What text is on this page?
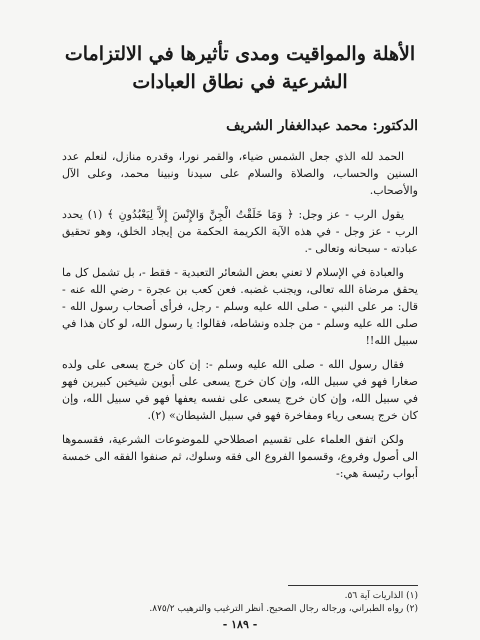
الأهلة والمواقيت ومدى تأثيرها في الالتزامات
الشرعية في نطاق العبادات
الدكتور: محمد عبدالغفار الشريف

الحمد لله الذي جعل الشمس ضياء، والقمر نورا، وقدره منازل، لنعلم عدد السنين والحساب، والصلاة والسلام على سيدنا ونبينا محمد، وعلى الآل والأصحاب.

يقول الرب - عز وجل: ﴿ وَمَا خَلَقْتُ الْجِنَّ وَالإِنْسَ إِلاَّ لِيَعْبُدُونِ ﴾ (١) يحدد الرب - عز وجل - في هذه الآية الكريمة الحكمة من إيجاد الخلق، وهو تحقيق عبادته - سبحانه وتعالى -.

والعبادة في الإسلام لا تعني بعض الشعائر التعبدية - فقط -، بل تشمل كل ما يحقق مرضاة الله تعالى، ويجنب غضبه. فعن كعب بن عجرة - رضي الله عنه - قال: مر على النبي - صلى الله عليه وسلم - رجل، فرأى أصحاب رسول الله - صلى الله عليه وسلم - من جلده ونشاطه، فقالوا: يا رسول الله، لو كان هذا في سبيل الله!!

فقال رسول الله - صلى الله عليه وسلم -: إن كان خرج يسعى على ولده صغارا فهو في سبيل الله، وإن كان خرج يسعى على أبوين شيخين كبيرين فهو في سبيل الله، وإن كان خرج يسعى على نفسه يعفها فهو في سبيل الله، وإن كان خرج يسعى رياء ومفاخرة فهو في سبيل الشيطان» (٢).

ولكن اتفق العلماء على تقسيم اصطلاحي للموضوعات الشرعية، فقسموها الى أصول وفروع، وقسموا الفروع الى فقه وسلوك، ثم صنفوا الفقه الى خمسة أبواب رئيسة هي:-

(١) الذاريات آية ٥٦.

(٢) رواه الطبراني، ورجاله رجال الصحيح. أنظر الترغيب والترهيب ٨٧٥/٢.

- ١٨٩ -
